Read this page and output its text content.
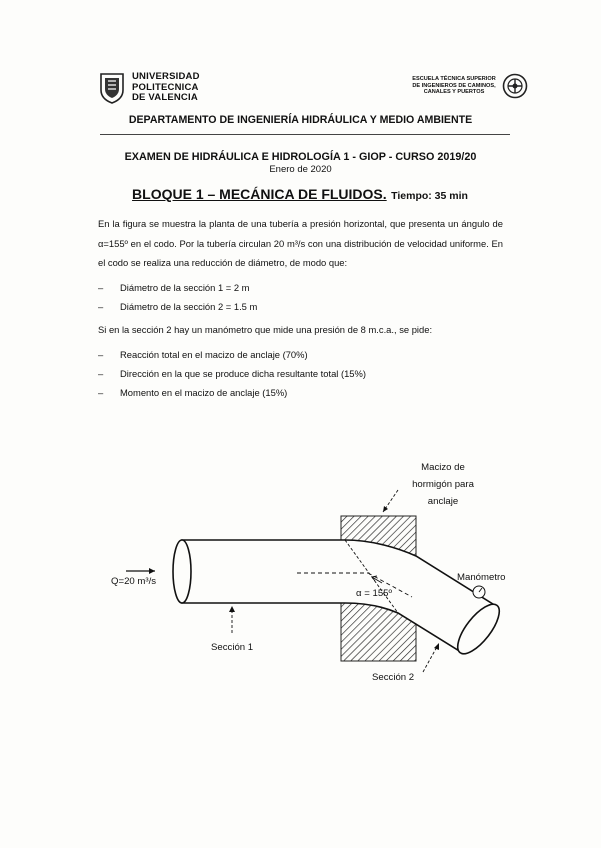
UNIVERSIDAD
POLITECNICA
DE VALENCIA
ESCUELA TÉCNICA SUPERIOR
DE INGENIEROS DE CAMINOS,
CANALES Y PUERTOS
DEPARTAMENTO DE INGENIERÍA HIDRÁULICA Y MEDIO AMBIENTE
EXAMEN DE HIDRÁULICA E HIDROLOGÍA 1 - GIOP - CURSO 2019/20
Enero de 2020
BLOQUE 1 – MECÁNICA DE FLUIDOS. Tiempo: 35 min
En la figura se muestra la planta de una tubería a presión horizontal, que presenta un ángulo de α=155º en el codo. Por la tubería circulan 20 m³/s con una distribución de velocidad uniforme. En el codo se realiza una reducción de diámetro, de modo que:
– Diámetro de la sección 1 = 2 m
– Diámetro de la sección 2 = 1.5 m
Si en la sección 2 hay un manómetro que mide una presión de 8 m.c.a., se pide:
– Reacción total en el macizo de anclaje (70%)
– Dirección en la que se produce dicha resultante total (15%)
– Momento en el macizo de anclaje (15%)
Macizo de
hormigón para
anclaje
Q=20 m³/s
α = 155º
Manómetro
Sección 1
Sección 2
